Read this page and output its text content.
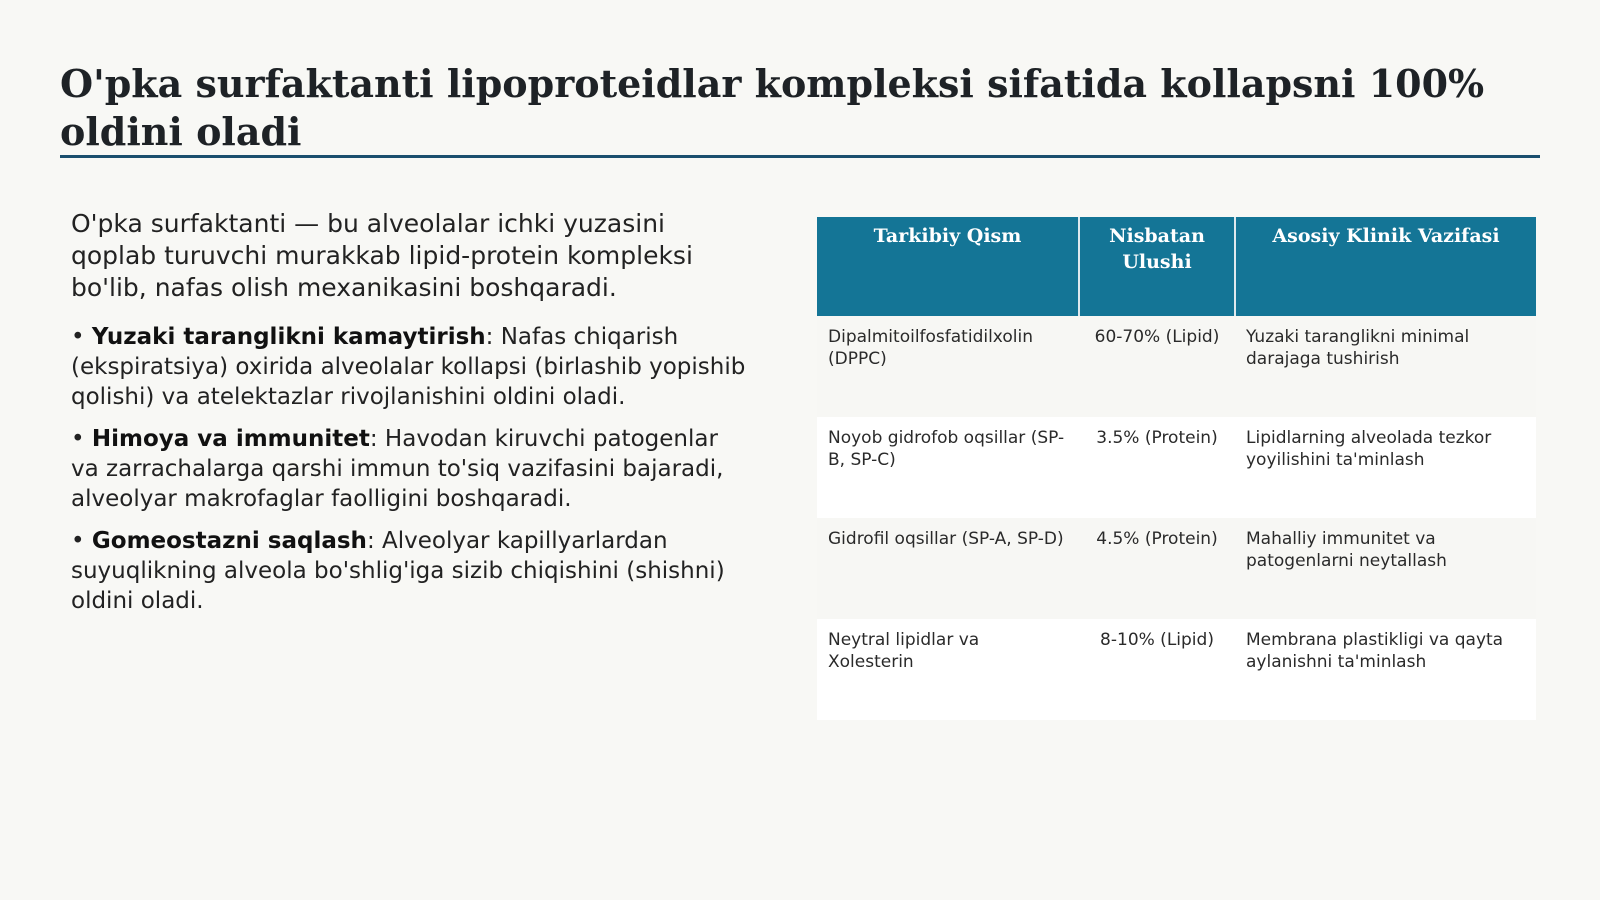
O'pka surfaktanti lipoproteidlar kompleksi sifatida kollapsni 100% oldini oladi

O'pka surfaktanti — bu alveolalar ichki yuzasini qoplab turuvchi murakkab lipid-protein kompleksi bo'lib, nafas olish mexanikasini boshqaradi.

• Yuzaki taranglikni kamaytirish: Nafas chiqarish (ekspiratsiya) oxirida alveolalar kollapsi (birlashib yopishib qolishi) va atelektazlar rivojlanishini oldini oladi.

• Himoya va immunitet: Havodan kiruvchi patogenlar va zarrachalarga qarshi immun to'siq vazifasini bajaradi, alveolyar makrofaglar faolligini boshqaradi.

• Gomeostazni saqlash: Alveolyar kapillyarlardan suyuqlikning alveola bo'shlig'iga sizib chiqishini (shishni) oldini oladi.

Tarkibiy Qism	Nisbatan Ulushi	Asosiy Klinik Vazifasi
Dipalmitoilfosfatidilxolin (DPPC)	60-70% (Lipid)	Yuzaki taranglikni minimal darajaga tushirish
Noyob gidrofob oqsillar (SP-B, SP-C)	3.5% (Protein)	Lipidlarning alveolada tezkor yoyilishini ta'minlash
Gidrofil oqsillar (SP-A, SP-D)	4.5% (Protein)	Mahalliy immunitet va patogenlarni neytallash
Neytral lipidlar va Xolesterin	8-10% (Lipid)	Membrana plastikligi va qayta aylanishni ta'minlash
